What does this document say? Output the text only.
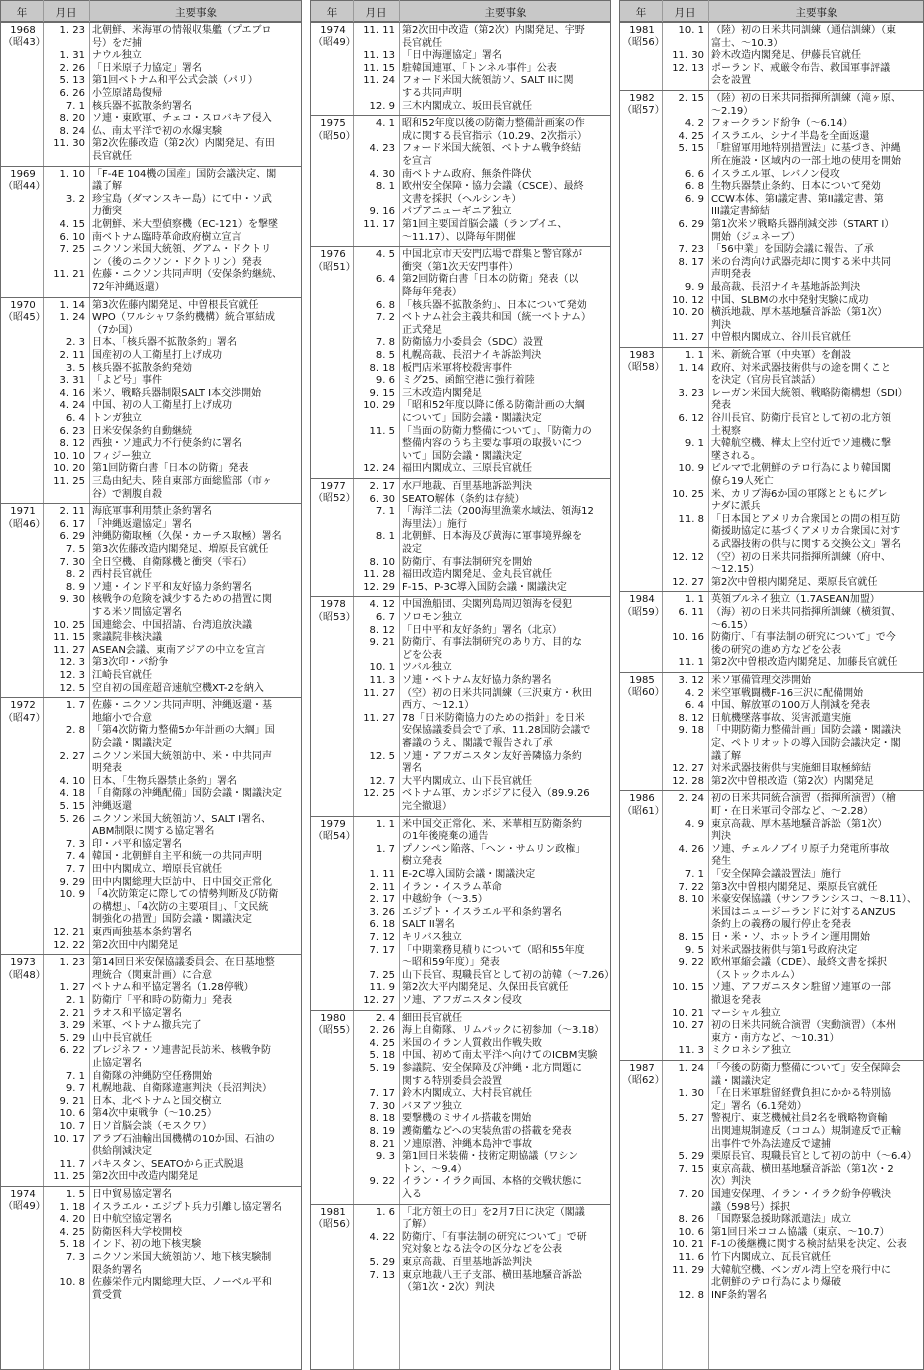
年	月日	主要事象
1968
（昭43）
1. 23 北朝鮮、米海軍の情報収集艦（プエブロ
号）をだ捕
1. 31 ナウル独立
2. 26 「日米原子力協定」署名
5. 13 第1回ベトナム和平公式会談（パリ）
6. 26 小笠原諸島復帰
7. 1 核兵器不拡散条約署名
8. 20 ソ連・東欧軍、チェコ・スロバキア侵入
8. 24 仏、南太平洋で初の水爆実験
11. 30 第2次佐藤改造（第2次）内閣発足、有田
長官就任
1969
（昭44）
1. 10 「F-4E 104機の国産」国防会議決定、閣
議了解
3. 2 珍宝島（ダマンスキー島）にて中・ソ武
力衝突
4. 15 北朝鮮、米大型偵察機（EC-121）を撃墜
6. 10 南ベトナム臨時革命政府樹立宣言
7. 25 ニクソン米国大統領、グアム・ドクトリ
ン（後のニクソン・ドクトリン）発表
11. 21 佐藤・ニクソン共同声明（安保条約継続、
72年沖縄返還）
1970
（昭45）
1. 14 第3次佐藤内閣発足、中曽根長官就任
1. 24 WPO（ワルシャワ条約機構）統合軍結成
（7か国）
2. 3 日本、「核兵器不拡散条約」署名
2. 11 国産初の人工衛星打上げ成功
3. 5 核兵器不拡散条約発効
3. 31 「よど号」事件
4. 16 米ソ、戦略兵器制限SALT I本交渉開始
4. 24 中国、初の人工衛星打上げ成功
6. 4 トンガ独立
6. 23 日米安保条約自動継続
8. 12 西独・ソ連武力不行使条約に署名
10. 10 フィジー独立
10. 20 第1回防衛白書「日本の防衛」発表
11. 25 三島由紀夫、陸自東部方面総監部（市ヶ
谷）で割腹自殺
1971
（昭46）
2. 11 海底軍事利用禁止条約署名
6. 17 「沖縄返還協定」署名
6. 29 沖縄防衛取極（久保・カーチス取極）署名
7. 5 第3次佐藤改造内閣発足、増原長官就任
7. 30 全日空機、自衛隊機と衝突（雫石）
8. 2 西村長官就任
8. 9 ソ連・インド平和友好協力条約署名
9. 30 核戦争の危険を減少するための措置に関
する米ソ間協定署名
10. 25 国連総会、中国招請、台湾追放決議
11. 15 衆議院非核決議
11. 27 ASEAN会議、東南アジアの中立を宣言
12. 3 第3次印・パ紛争
12. 3 江崎長官就任
12. 5 空自初の国産超音速航空機XT-2を納入
1972
（昭47）
1. 7 佐藤・ニクソン共同声明、沖縄返還・基
地縮小で合意
2. 8 「第4次防衛力整備5か年計画の大綱」国
防会議・閣議決定
2. 27 ニクソン米国大統領訪中、米・中共同声
明発表
4. 10 日本、「生物兵器禁止条約」署名
4. 18 「自衛隊の沖縄配備」国防会議・閣議決定
5. 15 沖縄返還
5. 26 ニクソン米国大統領訪ソ、SALT I署名、
ABM制限に関する協定署名
7. 3 印・パ平和協定署名
7. 4 韓国・北朝鮮自主平和統一の共同声明
7. 7 田中内閣成立、増原長官就任
9. 29 田中内閣総理大臣訪中、日中国交正常化
10. 9 「4次防策定に際しての情勢判断及び防衛
の構想」、「4次防の主要項目」、「文民統
制強化の措置」国防会議・閣議決定
12. 21 東西両独基本条約署名
12. 22 第2次田中内閣発足
1973
（昭48）
1. 23 第14回日米安保協議委員会、在日基地整
理統合（関東計画）に合意
1. 27 ベトナム和平協定署名（1.28停戦）
2. 1 防衛庁「平和時の防衛力」発表
2. 21 ラオス和平協定署名
3. 29 米軍、ベトナム撤兵完了
5. 29 山中長官就任
6. 22 ブレジネフ・ソ連書記長訪米、核戦争防
止協定署名
7. 1 自衛隊の沖縄防空任務開始
9. 7 札幌地裁、自衛隊違憲判決（長沼判決）
9. 21 日本、北ベトナムと国交樹立
10. 6 第4次中東戦争（～10.25）
10. 7 日ソ首脳会談（モスクワ）
10. 17 アラブ石油輸出国機構の10か国、石油の
供給削減決定
11. 7 パキスタン、SEATOから正式脱退
11. 25 第2次田中改造内閣発足
1974
（昭49）
1. 5 日中貿易協定署名
1. 18 イスラエル・エジプト兵力引離し協定署名
4. 20 日中航空協定署名
4. 25 防衛医科大学校開校
5. 18 インド、初の地下核実験
7. 3 ニクソン米国大統領訪ソ、地下核実験制
限条約署名
10. 8 佐藤栄作元内閣総理大臣、ノーベル平和
賞受賞
年	月日	主要事象
1974
（昭49）
11. 11 第2次田中改造（第2次）内閣発足、宇野
長官就任
11. 13 「日中海運協定」署名
11. 15 駐韓国連軍、「トンネル事件」公表
11. 24 フォード米国大統領訪ソ、SALT IIに関
する共同声明
12. 9 三木内閣成立、坂田長官就任
1975
（昭50）
4. 1 昭和52年度以後の防衛力整備計画案の作
成に関する長官指示（10.29、2次指示）
4. 23 フォード米国大統領、ベトナム戦争終結
を宣言
4. 30 南ベトナム政府、無条件降伏
8. 1 欧州安全保障・協力会議（CSCE）、最終
文書を採択（ヘルシンキ）
9. 16 パプアニューギニア独立
11. 17 第1回主要国首脳会議（ランブイエ、
～11.17）、以降毎年開催
1976
（昭51）
4. 5 中国北京市天安門広場で群集と警官隊が
衝突（第1次天安門事件）
6. 4 第2回防衛白書「日本の防衛」発表（以
降毎年発表）
6. 8 「核兵器不拡散条約」、日本について発効
7. 2 ベトナム社会主義共和国（統一ベトナム）
正式発足
7. 8 防衛協力小委員会（SDC）設置
8. 5 札幌高裁、長沼ナイキ訴訟判決
8. 18 板門店米軍将校殺害事件
9. 6 ミグ25、函館空港に強行着陸
9. 15 三木改造内閣発足
10. 29 「昭和52年度以降に係る防衛計画の大綱
について」国防会議・閣議決定
11. 5 「当面の防衛力整備について」、「防衛力の
整備内容のうち主要な事項の取扱いにつ
いて」国防会議・閣議決定
12. 24 福田内閣成立、三原長官就任
1977
（昭52）
2. 17 水戸地裁、百里基地訴訟判決
6. 30 SEATO解体（条約は存続）
7. 1 「海洋二法（200海里漁業水域法、領海12
海里法）」施行
8. 1 北朝鮮、日本海及び黄海に軍事境界線を
設定
8. 10 防衛庁、有事法制研究を開始
11. 28 福田改造内閣発足、金丸長官就任
12. 29 F-15、P-3C導入国防会議・閣議決定
1978
（昭53）
4. 12 中国漁船団、尖閣列島周辺領海を侵犯
6. 7 ソロモン独立
8. 12 「日中平和友好条約」署名（北京）
9. 21 防衛庁、有事法制研究のあり方、目的な
どを公表
10. 1 ツバル独立
11. 3 ソ連・ベトナム友好協力条約署名
11. 27 （空）初の日米共同訓練（三沢東方・秋田
西方、～12.1）
11. 27 78「日米防衛協力のための指針」を日米
安保協議委員会で了承、11.28国防会議で
審議のうえ、閣議で報告され了承
12. 5 ソ連・アフガニスタン友好善隣協力条約
署名
12. 7 大平内閣成立、山下長官就任
12. 25 ベトナム軍、カンボジアに侵入（89.9.26
完全撤退）
1979
（昭54）
1. 1 米中国交正常化、米、米華相互防衛条約
の1年後廃棄の通告
1. 7 プノンペン陥落、「ヘン・サムリン政権」
樹立発表
1. 11 E-2C導入国防会議・閣議決定
2. 11 イラン・イスラム革命
2. 17 中越紛争（～3.5）
3. 26 エジプト・イスラエル平和条約署名
6. 18 SALT II署名
7. 12 キリバス独立
7. 17 「中期業務見積りについて（昭和55年度
～昭和59年度）」発表
7. 25 山下長官、現職長官として初の訪韓（～7.26）
11. 9 第2次大平内閣発足、久保田長官就任
12. 27 ソ連、アフガニスタン侵攻
1980
（昭55）
2. 4 細田長官就任
2. 26 海上自衛隊、リムパックに初参加（～3.18）
4. 25 米国のイラン人質救出作戦失敗
5. 18 中国、初めて南太平洋へ向けてのICBM実験
5. 19 参議院、安全保障及び沖縄・北方問題に
関する特別委員会設置
7. 17 鈴木内閣成立、大村長官就任
7. 30 バヌアツ独立
8. 18 要撃機のミサイル搭載を開始
8. 19 護衛艦などへの実装魚雷の搭載を発表
8. 21 ソ連原潜、沖縄本島沖で事故
9. 3 第1回日米装備・技術定期協議（ワシン
トン、～9.4）
9. 22 イラン・イラク両国、本格的交戦状態に
入る
1981
（昭56）
1. 6 「北方領土の日」を2月7日に決定（閣議
了解）
4. 22 防衛庁、「有事法制の研究について」で研
究対象となる法令の区分などを公表
5. 29 東京高裁、百里基地訴訟判決
7. 13 東京地裁八王子支部、横田基地騒音訴訟
（第1次・2次）判決
年	月日	主要事象
1981
（昭56）
10. 1 （陸）初の日米共同訓練（通信訓練）（東
富士、～10.3）
11. 30 鈴木改造内閣発足、伊藤長官就任
12. 13 ポーランド、戒厳令布告、救国軍事評議
会を設置
1982
（昭57）
2. 15 （陸）初の日米共同指揮所訓練（滝ヶ原、
～2.19）
4. 2 フォークランド紛争（～6.14）
4. 25 イスラエル、シナイ半島を全面返還
5. 15 「駐留軍用地特別措置法」に基づき、沖縄
所在施設・区域内の一部土地の使用を開始
6. 6 イスラエル軍、レバノン侵攻
6. 8 生物兵器禁止条約、日本について発効
6. 9 CCW本体、第I議定書、第II議定書、第
III議定書締結
6. 29 第1次米ソ戦略兵器削減交渉（START I）
開始（ジュネーブ）
7. 23 「56中業」を国防会議に報告、了承
8. 17 米の台湾向け武器売却に関する米中共同
声明発表
9. 9 最高裁、長沼ナイキ基地訴訟判決
10. 12 中国、SLBMの水中発射実験に成功
10. 20 横浜地裁、厚木基地騒音訴訟（第1次）
判決
11. 27 中曽根内閣成立、谷川長官就任
1983
（昭58）
1. 1 米、新統合軍（中央軍）を創設
1. 14 政府、対米武器技術供与の途を開くこと
を決定（官房長官談話）
3. 23 レーガン米国大統領、戦略防衛構想（SDI）
発表
6. 12 谷川長官、防衛庁長官として初の北方領
土視察
9. 1 大韓航空機、樺太上空付近でソ連機に撃
墜される。
10. 9 ビルマで北朝鮮のテロ行為により韓国閣
僚ら19人死亡
10. 25 米、カリブ海6か国の軍隊とともにグレ
ナダに派兵
11. 8 「日本国とアメリカ合衆国との間の相互防
衛援助協定に基づくアメリカ合衆国に対す
る武器技術の供与に関する交換公文」署名
12. 12 （空）初の日米共同指揮所訓練（府中、
～12.15）
12. 27 第2次中曽根内閣発足、栗原長官就任
1984
（昭59）
1. 1 英領ブルネイ独立（1.7ASEAN加盟）
6. 11 （海）初の日米共同指揮所訓練（横須賀、
～6.15）
10. 16 防衛庁、「有事法制の研究について」で今
後の研究の進め方などを公表
11. 1 第2次中曽根改造内閣発足、加藤長官就任
1985
（昭60）
3. 12 米ソ軍備管理交渉開始
4. 2 米空軍戦闘機F-16三沢に配備開始
6. 4 中国、解放軍の100万人削減を発表
8. 12 日航機墜落事故、災害派遣実施
9. 18 「中期防衛力整備計画」国防会議・閣議決
定、ペトリオットの導入国防会議決定・閣
議了解
12. 27 対米武器技術供与実施細目取極締結
12. 28 第2次中曽根改造（第2次）内閣発足
1986
（昭61）
2. 24 初の日米共同統合演習（指揮所演習）（檜
町・在日米軍司令部など、～2.28）
4. 9 東京高裁、厚木基地騒音訴訟（第1次）
判決
4. 26 ソ連、チェルノブイリ原子力発電所事故
発生
7. 1 「安全保障会議設置法」施行
7. 22 第3次中曽根内閣発足、栗原長官就任
8. 10 米豪安保協議（サンフランシスコ、～8.11）、
米国はニュージーランドに対するANZUS
条約上の義務の履行停止を発表
8. 15 日・米・ソ、ホットライン運用開始
9. 5 対米武器技術供与第1号政府決定
9. 22 欧州軍縮会議（CDE）、最終文書を採択
（ストックホルム）
10. 15 ソ連、アフガニスタン駐留ソ連軍の一部
撤退を発表
10. 21 マーシャル独立
10. 27 初の日米共同統合演習（実動演習）（本州
東方・南方など、～10.31）
11. 3 ミクロネシア独立
1987
（昭62）
1. 24 「今後の防衛力整備について」安全保障会
議・閣議決定
1. 30 「在日米軍駐留経費負担にかかる特別協
定」署名（6.1発効）
5. 27 警視庁、東芝機械社員2名を戦略物資輸
出関連規制違反（ココム）規制違反で正輸
出事件で外為法違反で逮捕
5. 29 栗原長官、現職長官として初の訪中（～6.4）
7. 15 東京高裁、横田基地騒音訴訟（第1次・2
次）判決
7. 20 国連安保理、イラン・イラク紛争停戦決
議（598号）採択
8. 26 「国際緊急援助隊派遣法」成立
10. 6 第1回日米ココム協議（東京、～10.7）
10. 21 F-1の後継機に関する検討結果を決定、公表
11. 6 竹下内閣成立、瓦長官就任
11. 29 大韓航空機、ベンガル湾上空を飛行中に
北朝鮮のテロ行為により爆破
12. 8 INF条約署名
